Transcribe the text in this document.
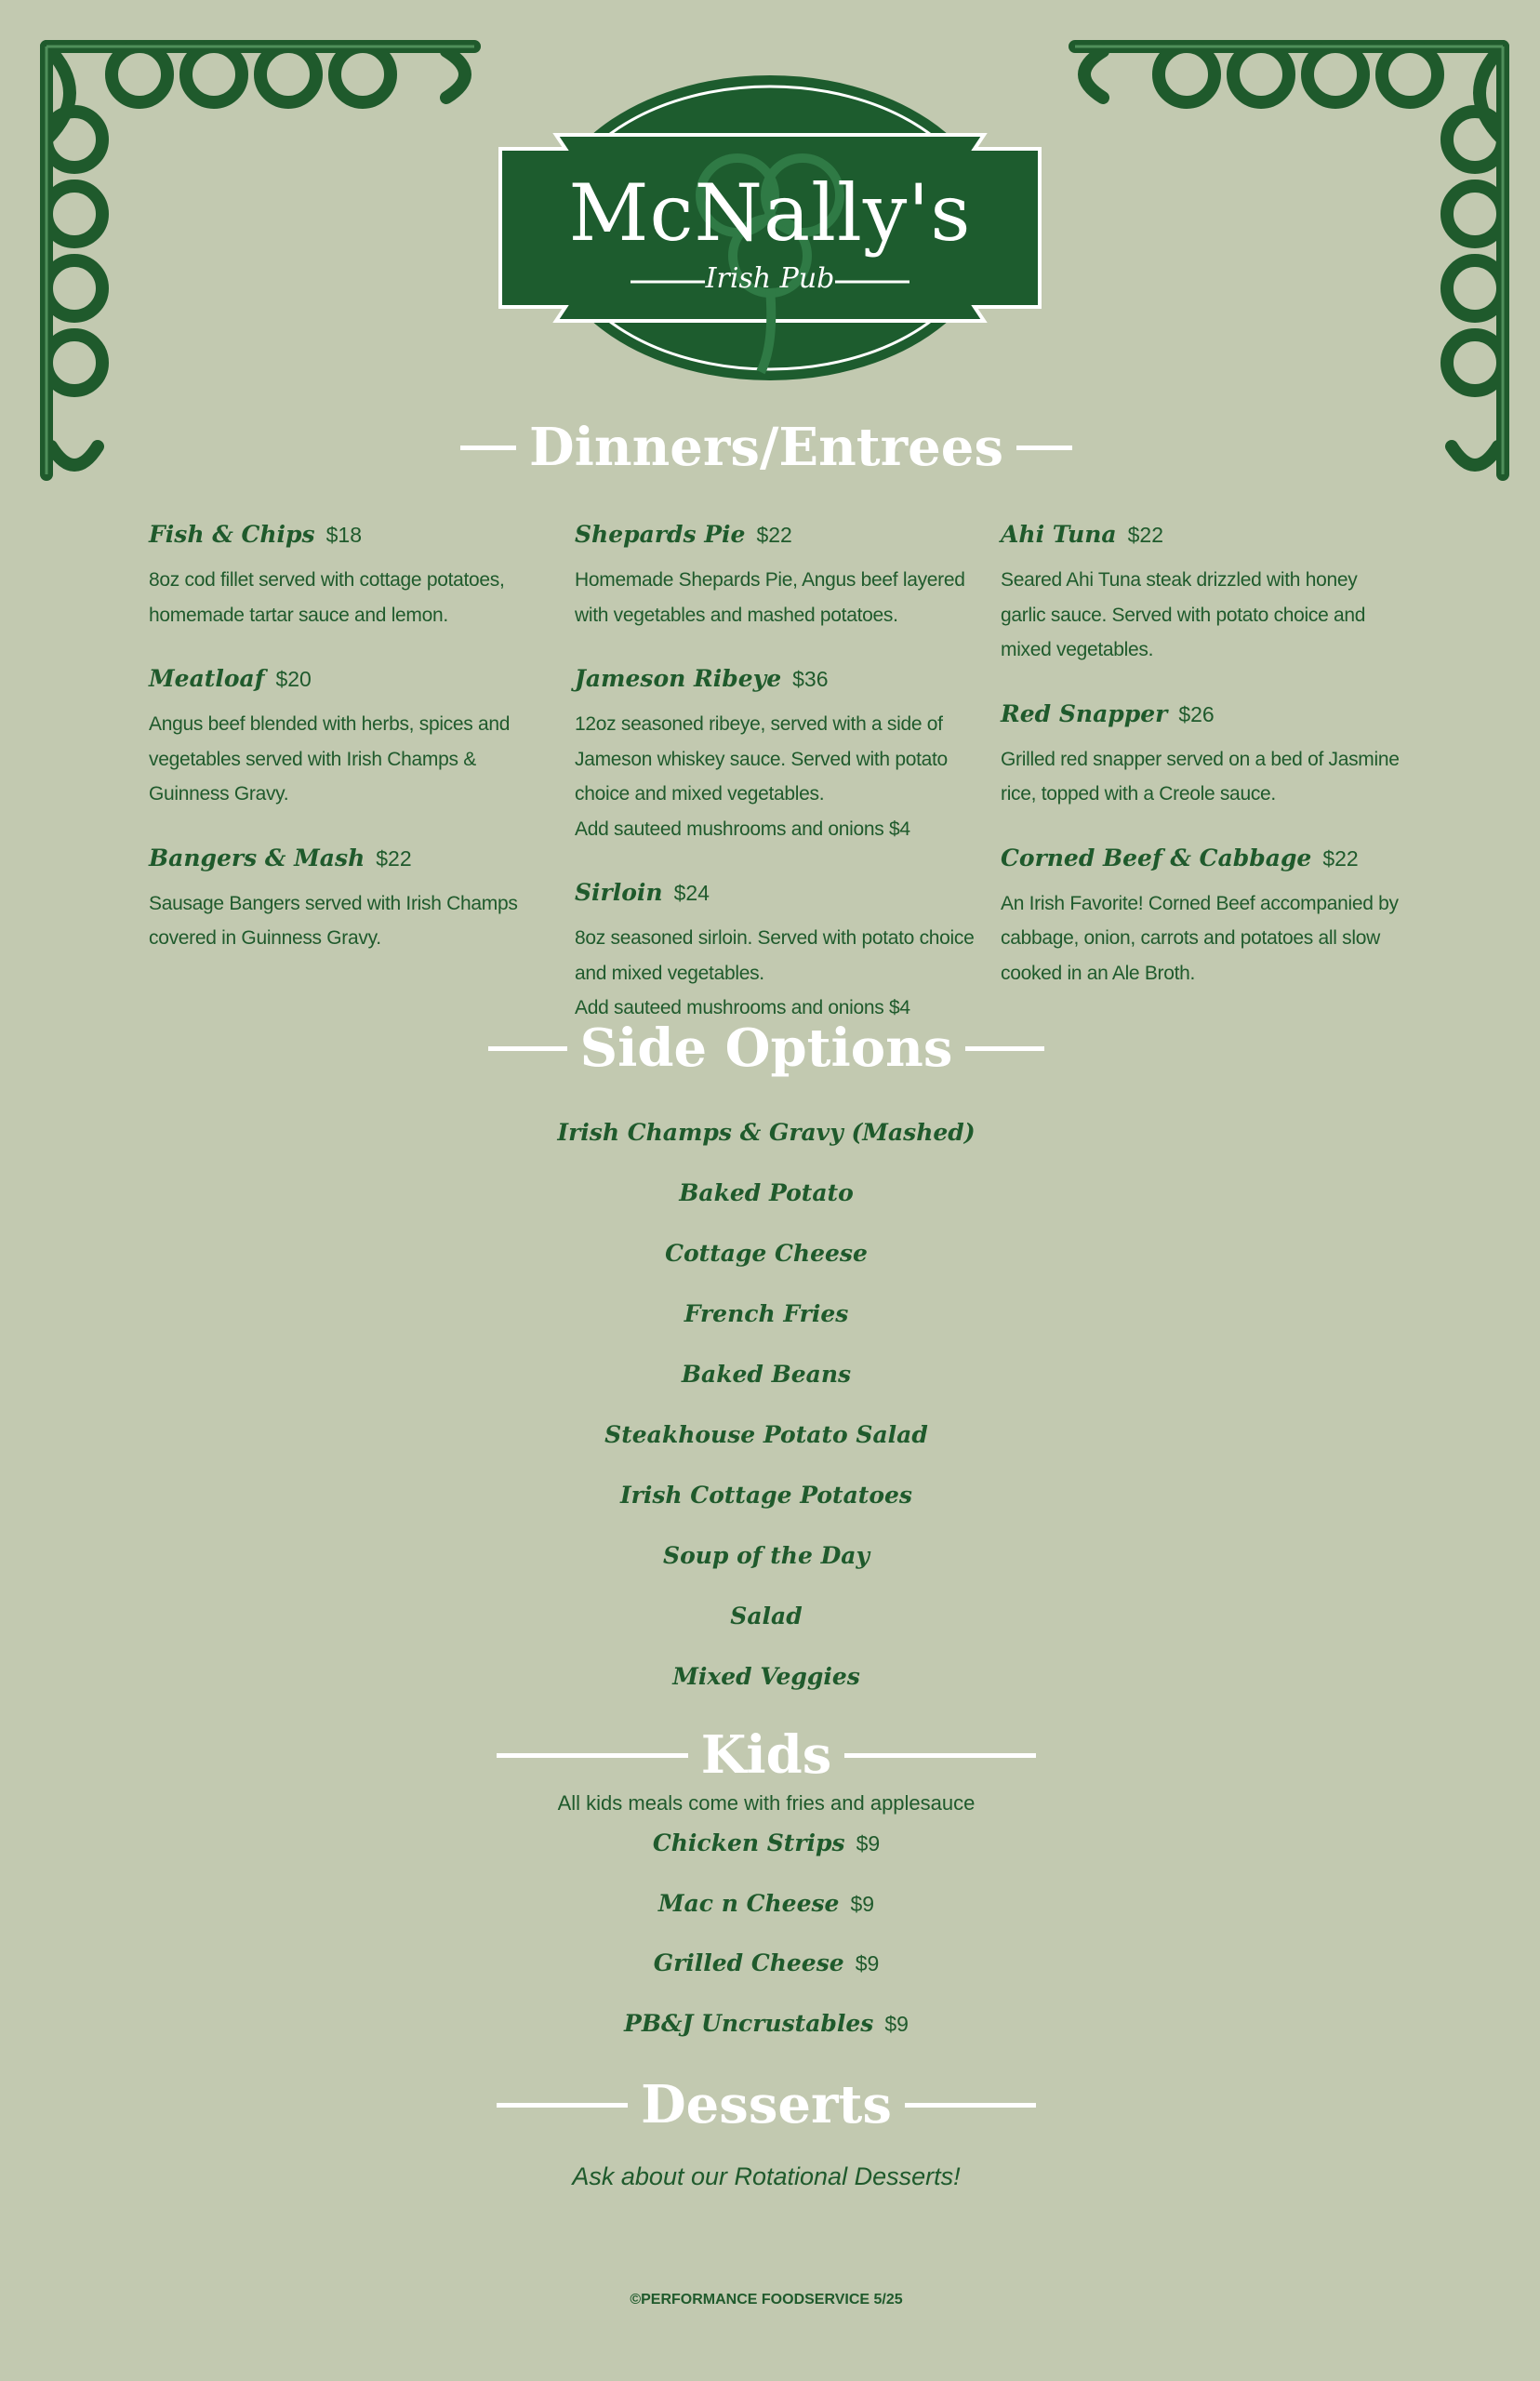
McNally's
Irish Pub
Dinners/Entrees
Fish & Chips $18
8oz cod fillet served with cottage potatoes,
homemade tartar sauce and lemon.
Meatloaf $20
Angus beef blended with herbs, spices and
vegetables served with Irish Champs &
Guinness Gravy.
Bangers & Mash $22
Sausage Bangers served with Irish Champs
covered in Guinness Gravy.
Shepards Pie $22
Homemade Shepards Pie, Angus beef layered
with vegetables and mashed potatoes.
Jameson Ribeye $36
12oz seasoned ribeye, served with a side of
Jameson whiskey sauce. Served with potato
choice and mixed vegetables.
Add sauteed mushrooms and onions $4
Sirloin $24
8oz seasoned sirloin. Served with potato choice
and mixed vegetables.
Add sauteed mushrooms and onions $4
Ahi Tuna $22
Seared Ahi Tuna steak drizzled with honey
garlic sauce. Served with potato choice and
mixed vegetables.
Red Snapper $26
Grilled red snapper served on a bed of Jasmine
rice, topped with a Creole sauce.
Corned Beef & Cabbage $22
An Irish Favorite! Corned Beef accompanied by
cabbage, onion, carrots and potatoes all slow
cooked in an Ale Broth.
Side Options
Irish Champs & Gravy (Mashed)
Baked Potato
Cottage Cheese
French Fries
Baked Beans
Steakhouse Potato Salad
Irish Cottage Potatoes
Soup of the Day
Salad
Mixed Veggies
Kids
All kids meals come with fries and applesauce
Chicken Strips $9
Mac n Cheese $9
Grilled Cheese $9
PB&J Uncrustables $9
Desserts
Ask about our Rotational Desserts!
©PERFORMANCE FOODSERVICE 5/25
